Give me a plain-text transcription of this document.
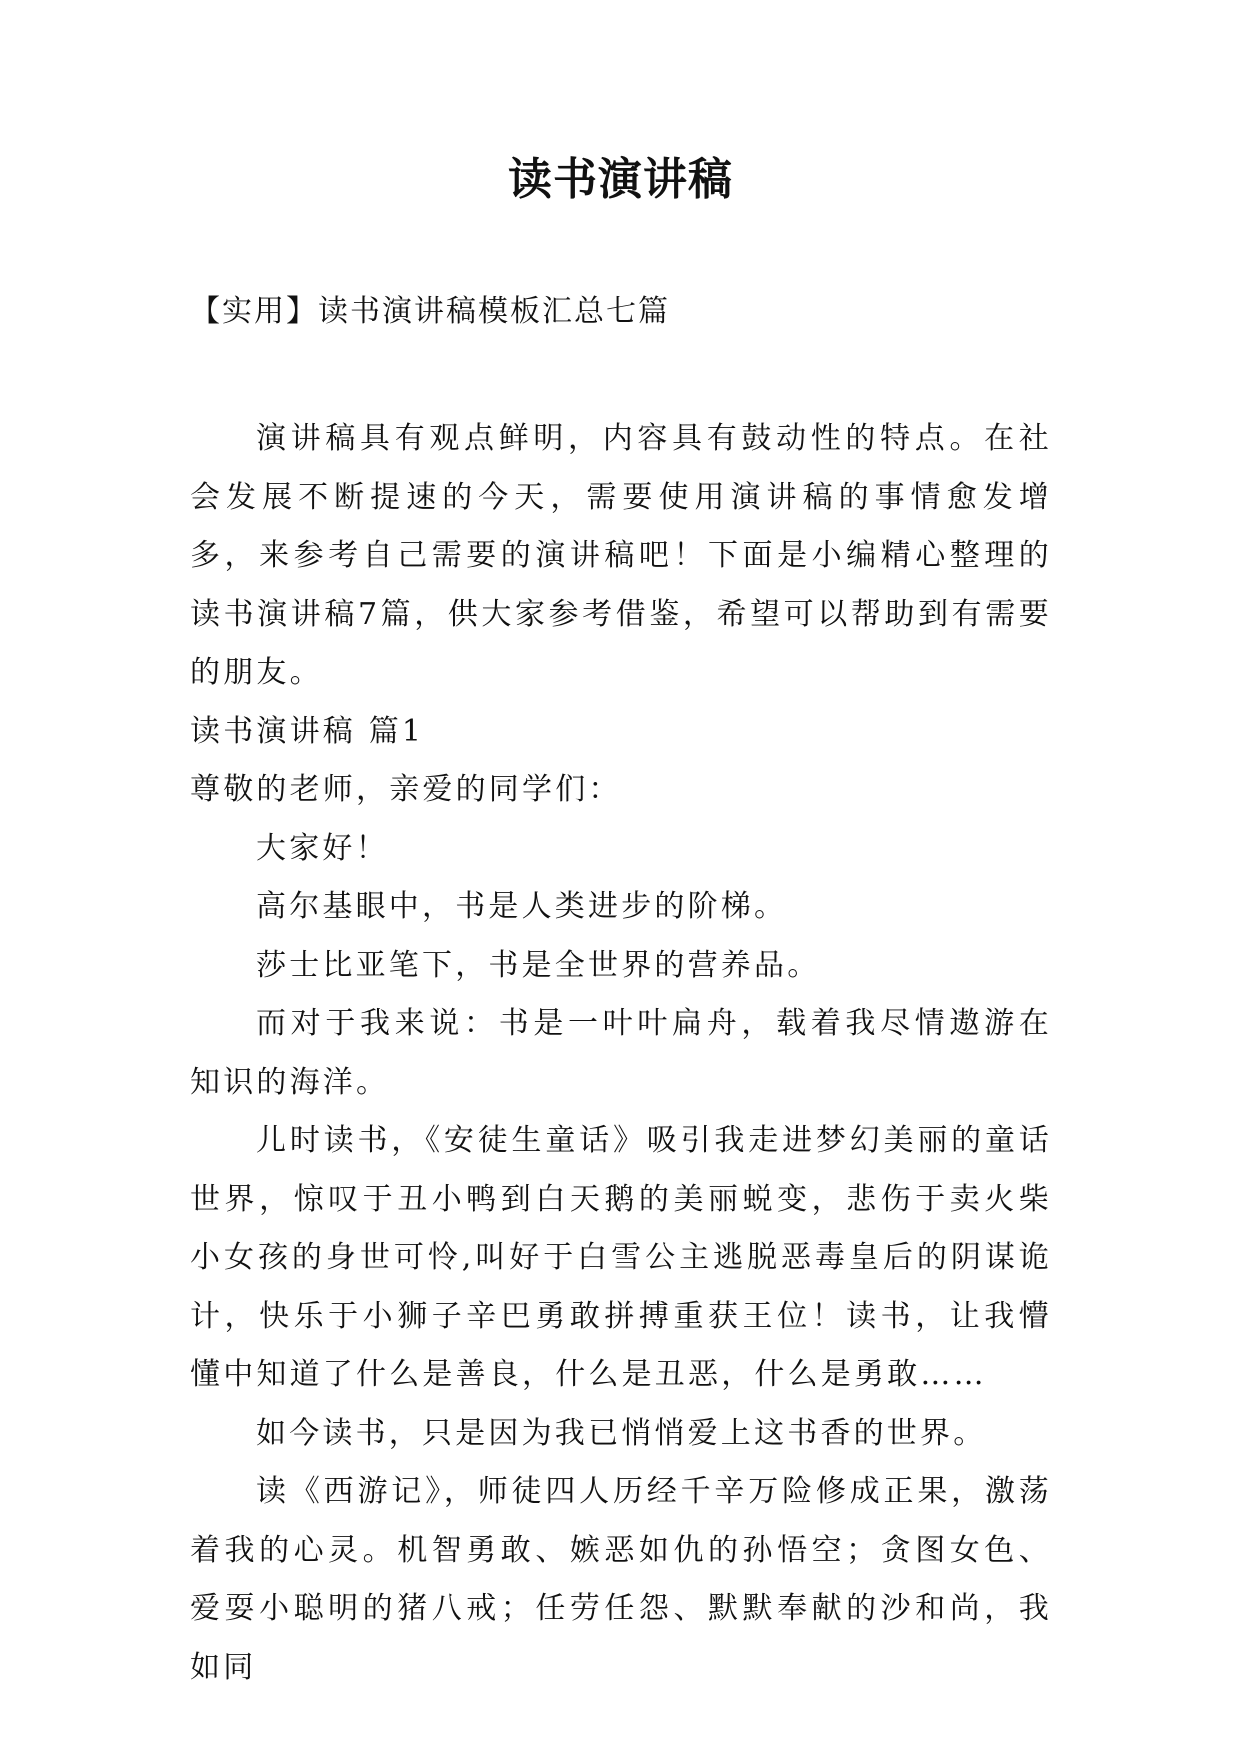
读书演讲稿
【实用】读书演讲稿模板汇总七篇

演讲稿具有观点鲜明，内容具有鼓动性的特点。在社会发展不断提速的今天，需要使用演讲稿的事情愈发增多，来参考自己需要的演讲稿吧！下面是小编精心整理的读书演讲稿7篇，供大家参考借鉴，希望可以帮助到有需要的朋友。

读书演讲稿 篇1

尊敬的老师，亲爱的同学们：

大家好！

高尔基眼中，书是人类进步的阶梯。

莎士比亚笔下，书是全世界的营养品。

而对于我来说：书是一叶叶扁舟，载着我尽情遨游在知识的海洋。

儿时读书，《安徒生童话》吸引我走进梦幻美丽的童话世界，惊叹于丑小鸭到白天鹅的美丽蜕变，悲伤于卖火柴小女孩的身世可怜,叫好于白雪公主逃脱恶毒皇后的阴谋诡计，快乐于小狮子辛巴勇敢拼搏重获王位！读书，让我懵懂中知道了什么是善良，什么是丑恶，什么是勇敢……

如今读书，只是因为我已悄悄爱上这书香的世界。

读《西游记》，师徒四人历经千辛万险修成正果，激荡着我的心灵。机智勇敢、嫉恶如仇的孙悟空；贪图女色、爱耍小聪明的猪八戒；任劳任怨、默默奉献的沙和尚，我如同
